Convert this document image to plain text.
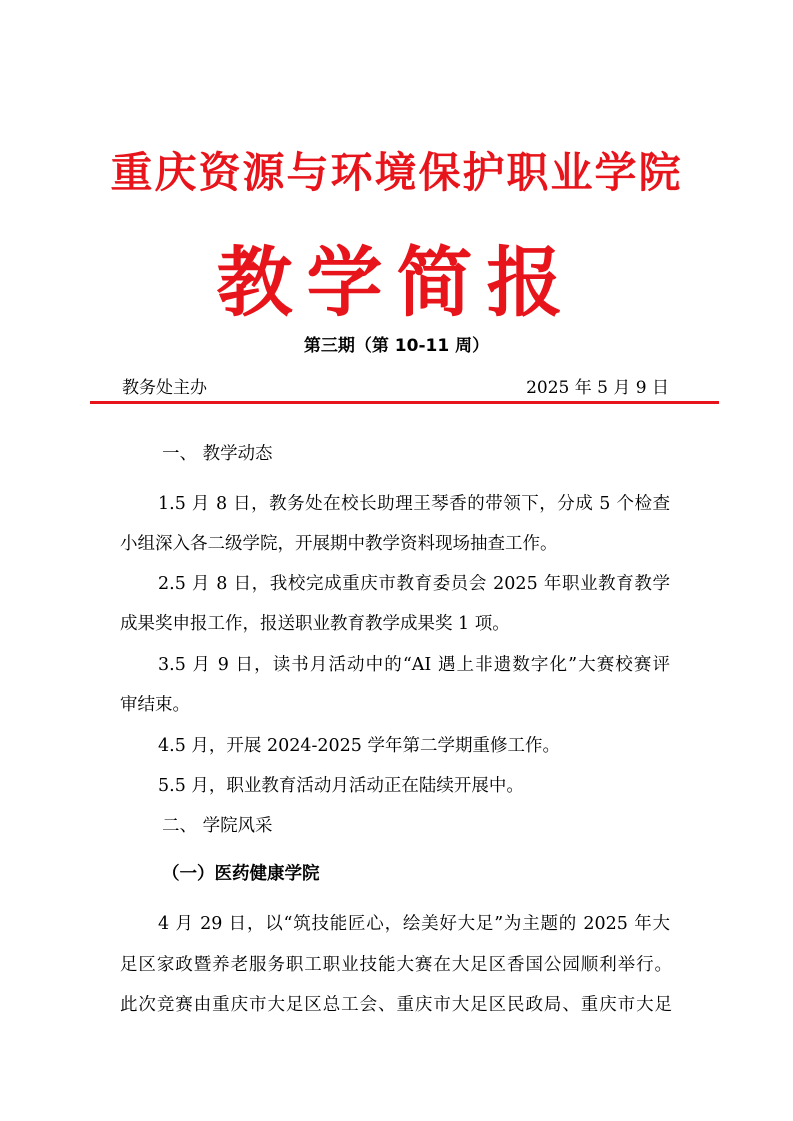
重庆资源与环境保护职业学院
教学简报
第三期（第 10-11 周）
教务处主办	2025 年 5 月 9 日
一、 教学动态
1.5 月 8 日，教务处在校长助理王琴香的带领下，分成 5 个检查
小组深入各二级学院，开展期中教学资料现场抽查工作。
2.5 月 8 日，我校完成重庆市教育委员会 2025 年职业教育教学
成果奖申报工作，报送职业教育教学成果奖 1 项。
3.5 月 9 日，读书月活动中的“AI 遇上非遗数字化”大赛校赛评
审结束。
4.5 月，开展 2024-2025 学年第二学期重修工作。
5.5 月，职业教育活动月活动正在陆续开展中。
二、 学院风采
（一）医药健康学院
4 月 29 日，以“筑技能匠心，绘美好大足”为主题的 2025 年大
足区家政暨养老服务职工职业技能大赛在大足区香国公园顺利举行。
此次竞赛由重庆市大足区总工会、重庆市大足区民政局、重庆市大足
